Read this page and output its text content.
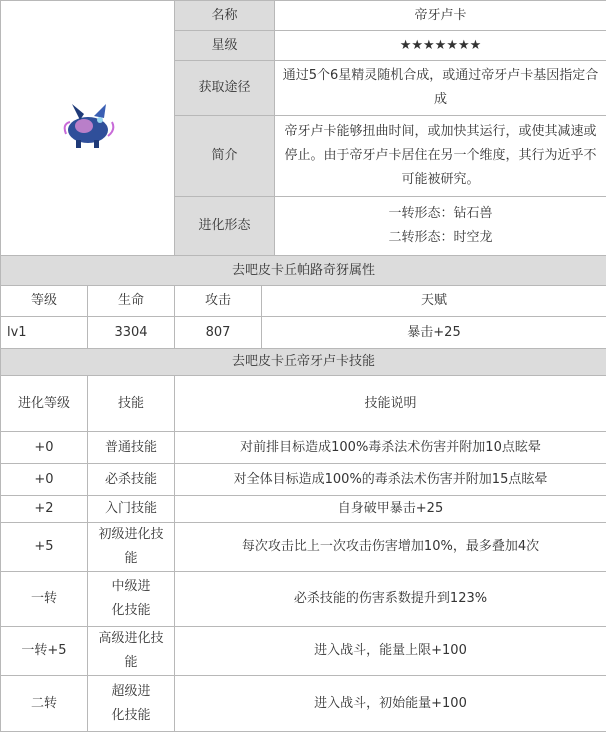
	名称	帝牙卢卡
	星级	★★★★★★★
	获取途径	通过5个6星精灵随机合成，或通过帝牙卢卡基因指定合成
	简介	帝牙卢卡能够扭曲时间，或加快其运行，或使其减速或停止。由于帝牙卢卡居住在另一个维度，其行为近乎不可能被研究。
	进化形态	一转形态：钻石兽
二转形态：时空龙
去吧皮卡丘帕路奇犽属性			
等级	生命	攻击	天赋
lv1	3304	807	暴击+25
去吧皮卡丘帝牙卢卡技能		
进化等级	技能	技能说明
+0	普通技能	对前排目标造成100%毒杀法术伤害并附加10点眩晕
+0	必杀技能	对全体目标造成100%的毒杀法术伤害并附加15点眩晕
+2	入门技能	自身破甲暴击+25
+5	初级进化技能	每次攻击比上一次攻击伤害增加10%，最多叠加4次
一转	中级进化技能	必杀技能的伤害系数提升到123%
一转+5	高级进化技能	进入战斗，能量上限+100
二转	超级进化技能	进入战斗，初始能量+100
